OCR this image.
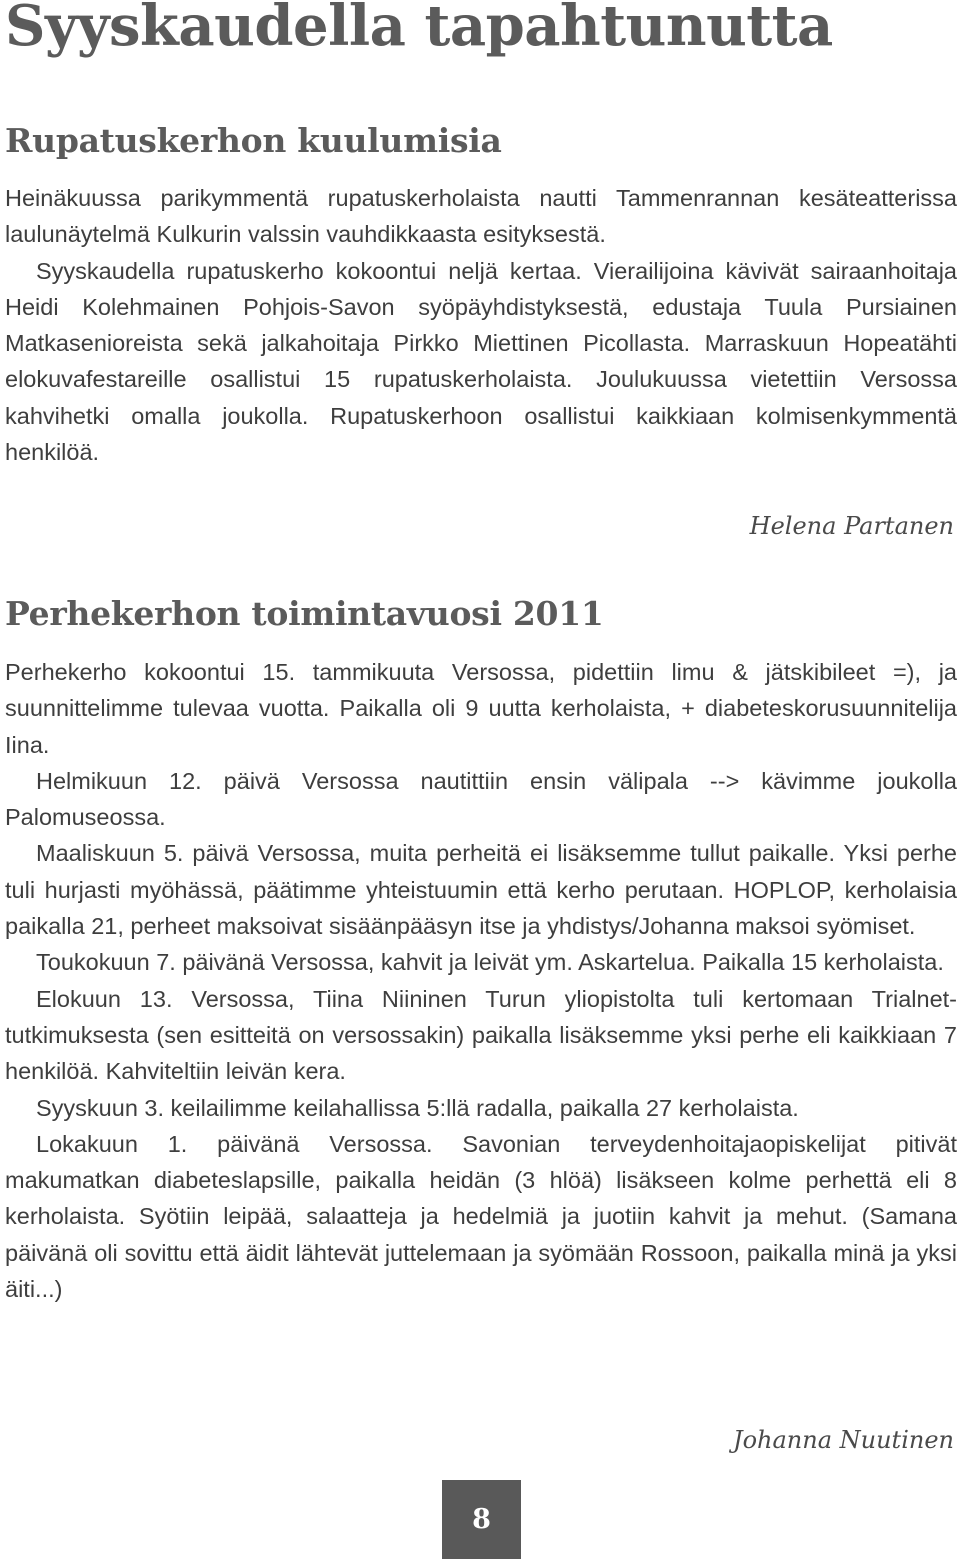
Syyskaudella tapahtunutta
Rupatuskerhon kuulumisia

Heinäkuussa parikymmentä rupatuskerholaista nautti Tammenrannan kesäteatterissa laulunäytelmä Kulkurin valssin vauhdikkaasta esityksestä.

Syyskaudella rupatuskerho kokoontui neljä kertaa. Vierailijoina kävivät sairaanhoitaja Heidi Kolehmainen Pohjois-Savon syöpäyhdistyksestä, edustaja Tuula Pursiainen Matkasenioreista sekä jalkahoitaja Pirkko Miettinen Picollasta. Marraskuun Hopeatähti elokuvafestareille osallistui 15 rupatuskerholaista. Joulukuussa vietettiin Versossa kahvihetki omalla joukolla. Rupatuskerhoon osallistui kaikkiaan kolmisenkymmentä henkilöä.

Helena Partanen
Perhekerhon toimintavuosi 2011

Perhekerho kokoontui 15. tammikuuta Versossa, pidettiin limu & jätskibileet =), ja suunnittelimme tulevaa vuotta. Paikalla oli 9 uutta kerholaista, + diabeteskorusuunnitelija Iina.

Helmikuun 12. päivä Versossa nautittiin ensin välipala --> kävimme joukolla Palomuseossa.

Maaliskuun 5. päivä Versossa, muita perheitä ei lisäksemme tullut paikalle. Yksi perhe tuli hurjasti myöhässä, päätimme yhteistuumin että kerho perutaan. HOPLOP, kerholaisia paikalla 21, perheet maksoivat sisäänpääsyn itse ja yhdistys/Johanna maksoi syömiset.

Toukokuun 7. päivänä Versossa, kahvit ja leivät ym. Askartelua. Paikalla 15 kerholaista.

Elokuun 13. Versossa, Tiina Niininen Turun yliopistolta tuli kertomaan Trialnet-tutkimuksesta (sen esitteitä on versossakin) paikalla lisäksemme yksi perhe eli kaikkiaan 7 henkilöä. Kahviteltiin leivän kera.

Syyskuun 3. keilailimme keilahallissa 5:llä radalla, paikalla 27 kerholaista.

Lokakuun 1. päivänä Versossa. Savonian terveydenhoitajaopiskelijat pitivät makumatkan diabeteslapsille, paikalla heidän (3 hlöä) lisäkseen kolme perhettä eli 8 kerholaista. Syötiin leipää, salaatteja ja hedelmiä ja juotiin kahvit ja mehut. (Samana päivänä oli sovittu että äidit lähtevät juttelemaan ja syömään Rossoon, paikalla minä ja yksi äiti...)

Johanna Nuutinen
8
